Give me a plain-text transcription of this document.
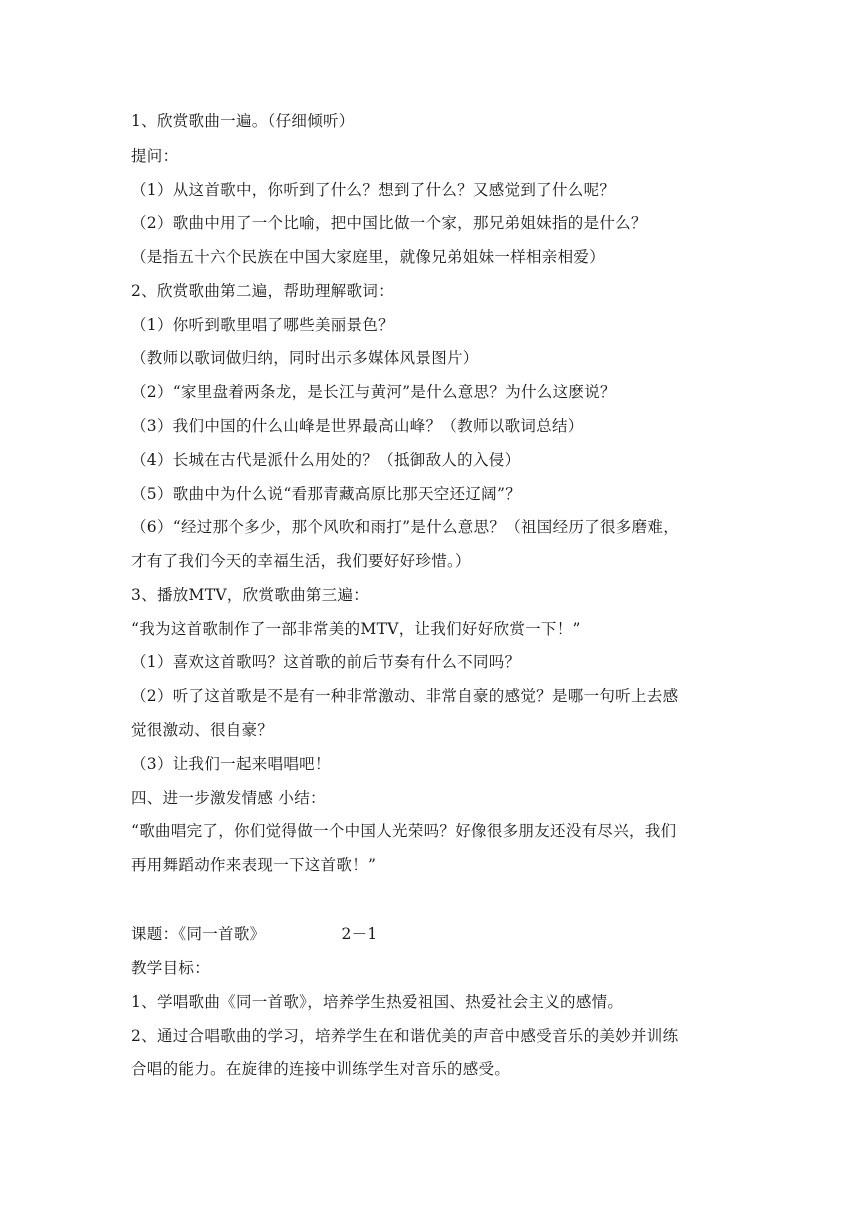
1、欣赏歌曲一遍。（仔细倾听）
提问：
（1）从这首歌中，你听到了什么？想到了什么？又感觉到了什么呢？
（2）歌曲中用了一个比喻，把中国比做一个家，那兄弟姐妹指的是什么？
（是指五十六个民族在中国大家庭里，就像兄弟姐妹一样相亲相爱）
2、欣赏歌曲第二遍，帮助理解歌词：
（1）你听到歌里唱了哪些美丽景色？
（教师以歌词做归纳，同时出示多媒体风景图片）
（2）“家里盘着两条龙，是长江与黄河”是什么意思？为什么这麽说？
（3）我们中国的什么山峰是世界最高山峰？（教师以歌词总结）
（4）长城在古代是派什么用处的？（抵御敌人的入侵）
（5）歌曲中为什么说“看那青藏高原比那天空还辽阔”？
（6）“经过那个多少，那个风吹和雨打”是什么意思？（祖国经历了很多磨难，
才有了我们今天的幸福生活，我们要好好珍惜。）
3、播放MTV，欣赏歌曲第三遍：
“我为这首歌制作了一部非常美的MTV，让我们好好欣赏一下！”
（1）喜欢这首歌吗？这首歌的前后节奏有什么不同吗？
（2）听了这首歌是不是有一种非常激动、非常自豪的感觉？是哪一句听上去感
觉很激动、很自豪？
（3）让我们一起来唱唱吧！
四、进一步激发情感 小结：
“歌曲唱完了，你们觉得做一个中国人光荣吗？好像很多朋友还没有尽兴，我们
再用舞蹈动作来表现一下这首歌！”
课题：《同一首歌》	2－1
教学目标：
1、学唱歌曲《同一首歌》，培养学生热爱祖国、热爱社会主义的感情。
2、通过合唱歌曲的学习，培养学生在和谐优美的声音中感受音乐的美妙并训练
合唱的能力。在旋律的连接中训练学生对音乐的感受。
